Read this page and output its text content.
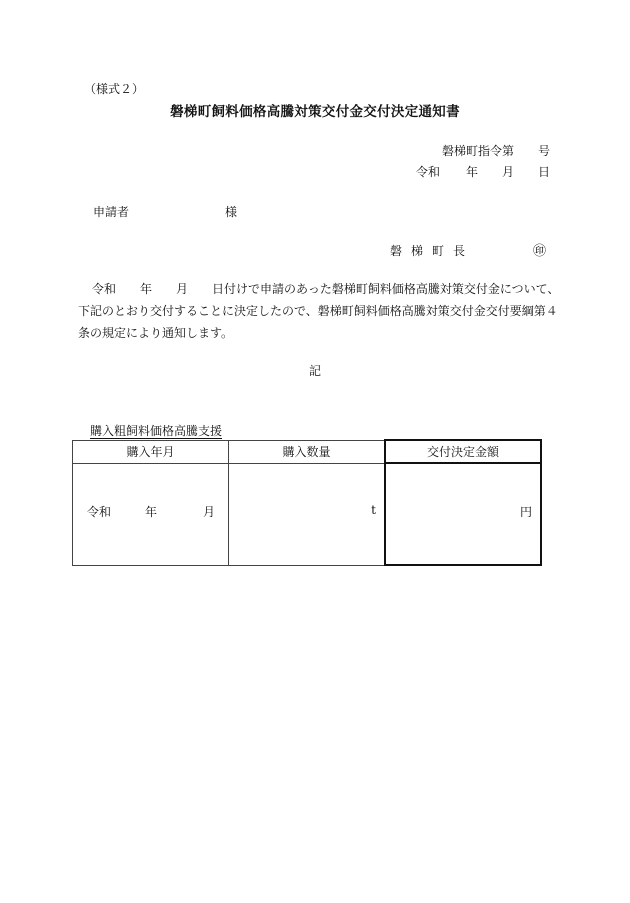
（様式２）
磐梯町飼料価格高騰対策交付金交付決定通知書
磐梯町指令第 号
令和 年 月 日
申請者	様
磐梯町長	㊞
令和　　年　　月　　日付けで申請のあった磐梯町飼料価格高騰対策交付金について、
下記のとおり交付することに決定したので、磐梯町飼料価格高騰対策交付金交付要綱第４
条の規定により通知します。
記
購入粗飼料価格高騰支援
購入年月	購入数量	交付決定金額

令和 年 月	t	円
